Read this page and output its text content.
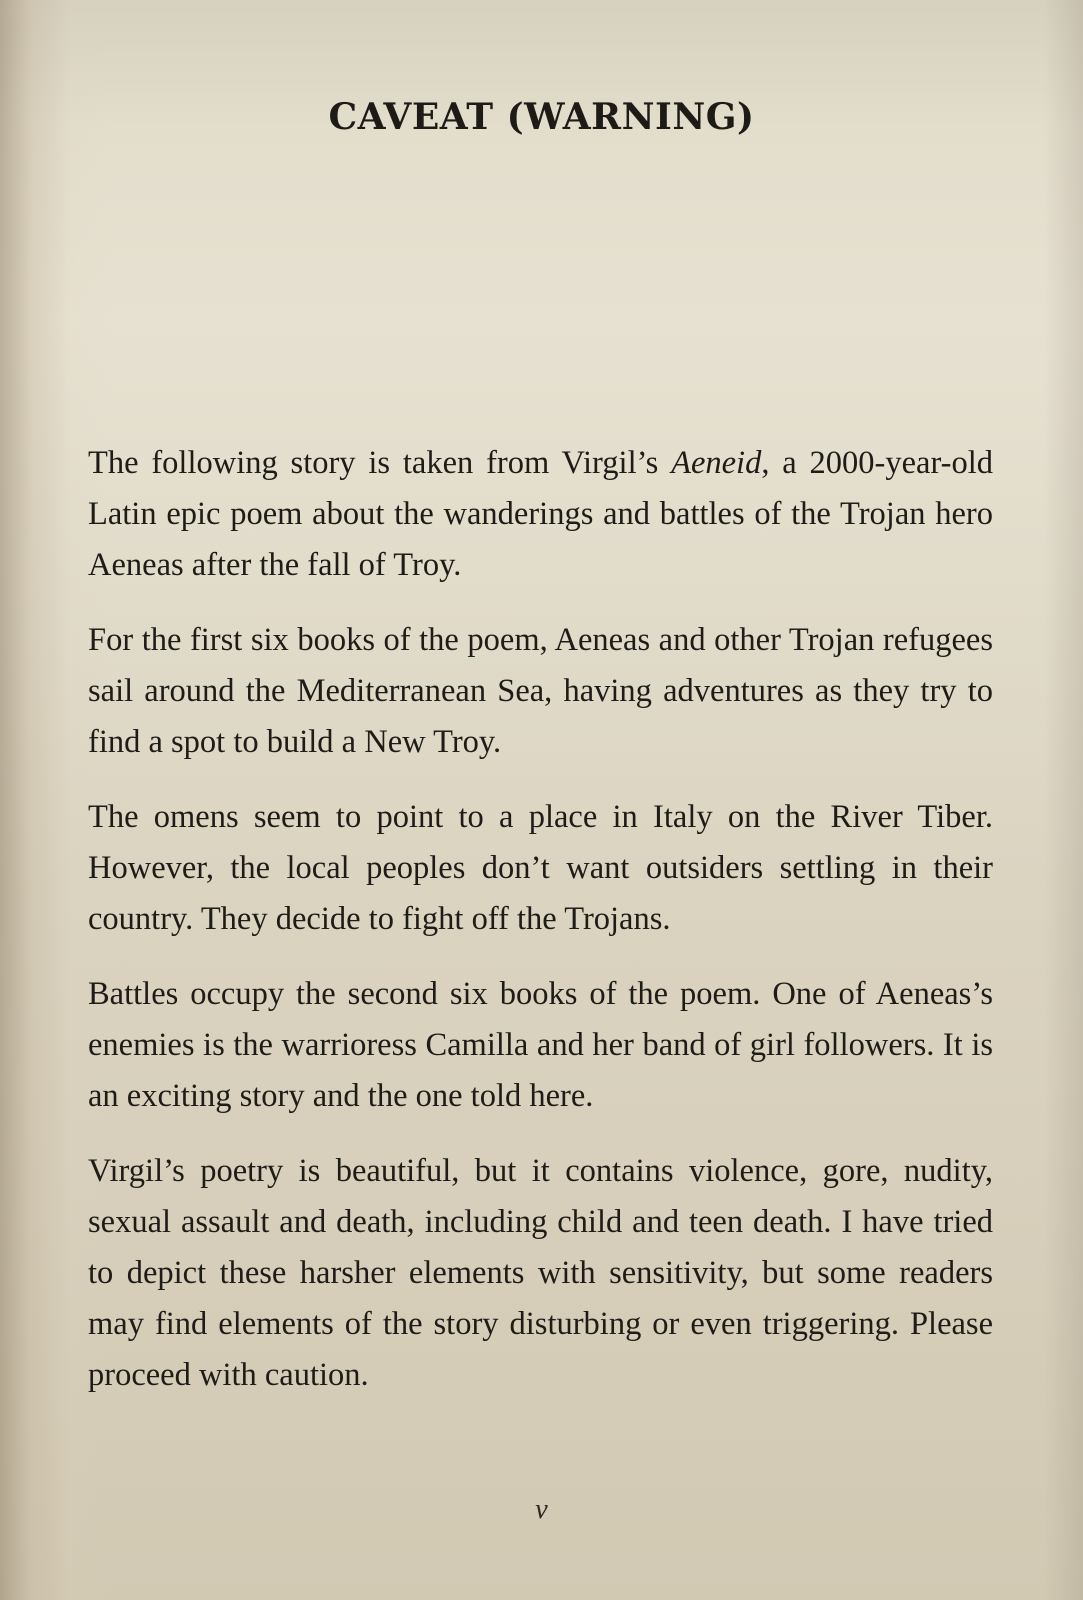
CAVEAT (WARNING)

The following story is taken from Virgil’s Aeneid, a 2000-year-old Latin epic poem about the wanderings and battles of the Trojan hero Aeneas after the fall of Troy.

For the first six books of the poem, Aeneas and other Trojan refugees sail around the Mediterranean Sea, having adventures as they try to find a spot to build a New Troy.

The omens seem to point to a place in Italy on the River Tiber. However, the local peoples don’t want outsiders settling in their country. They decide to fight off the Trojans.

Battles occupy the second six books of the poem. One of Aeneas’s enemies is the warrioress Camilla and her band of girl followers. It is an exciting story and the one told here.

Virgil’s poetry is beautiful, but it contains violence, gore, nudity, sexual assault and death, including child and teen death. I have tried to depict these harsher elements with sensitivity, but some readers may find elements of the story disturbing or even triggering. Please proceed with caution.

v
